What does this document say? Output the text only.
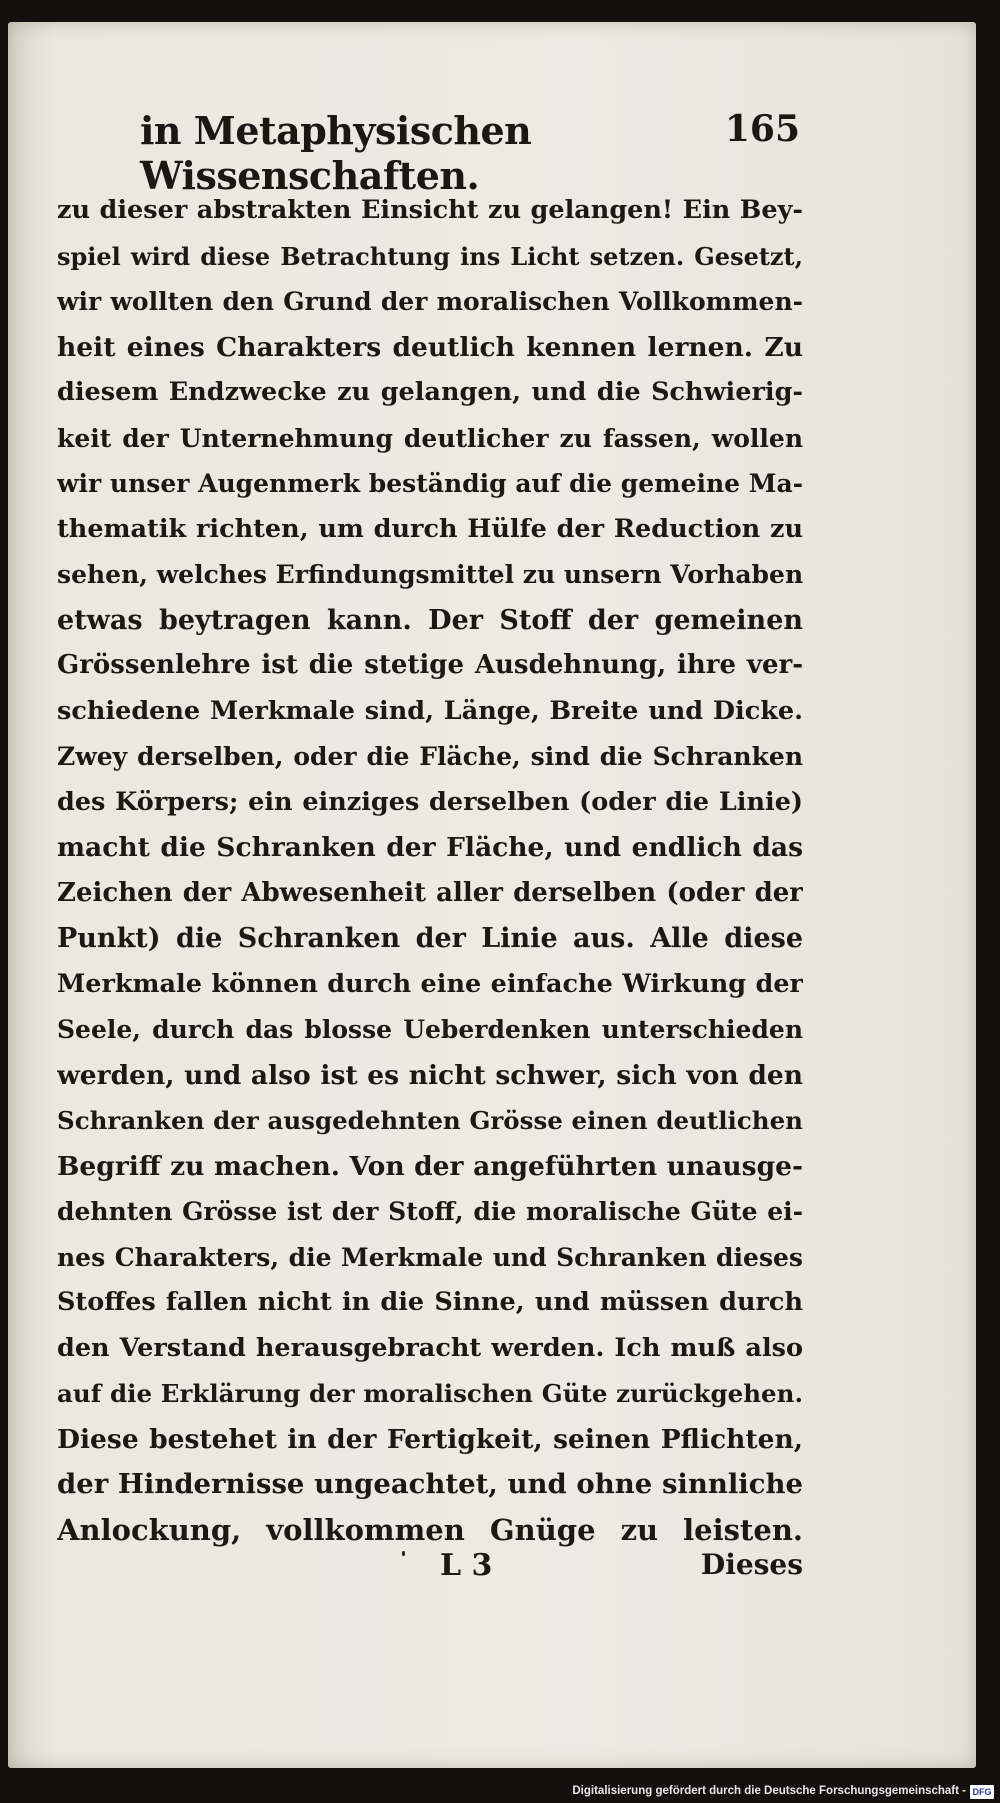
in Metaphysischen Wissenschaften.
165
zu dieser abstrakten Einsicht zu gelangen! Ein Bey-
spiel wird diese Betrachtung ins Licht setzen. Gesetzt,
wir wollten den Grund der moralischen Vollkommen-
heit eines Charakters deutlich kennen lernen. Zu
diesem Endzwecke zu gelangen, und die Schwierig-
keit der Unternehmung deutlicher zu fassen, wollen
wir unser Augenmerk beständig auf die gemeine Ma-
thematik richten, um durch Hülfe der Reduction zu
sehen, welches Erfindungsmittel zu unsern Vorhaben
etwas beytragen kann. Der Stoff der gemeinen
Grössenlehre ist die stetige Ausdehnung, ihre ver-
schiedene Merkmale sind, Länge, Breite und Dicke.
Zwey derselben, oder die Fläche, sind die Schranken
des Körpers; ein einziges derselben (oder die Linie)
macht die Schranken der Fläche, und endlich das
Zeichen der Abwesenheit aller derselben (oder der
Punkt) die Schranken der Linie aus. Alle diese
Merkmale können durch eine einfache Wirkung der
Seele, durch das blosse Ueberdenken unterschieden
werden, und also ist es nicht schwer, sich von den
Schranken der ausgedehnten Grösse einen deutlichen
Begriff zu machen. Von der angeführten unausge-
dehnten Grösse ist der Stoff, die moralische Güte ei-
nes Charakters, die Merkmale und Schranken dieses
Stoffes fallen nicht in die Sinne, und müssen durch
den Verstand herausgebracht werden. Ich muß also
auf die Erklärung der moralischen Güte zurückgehen.
Diese bestehet in der Fertigkeit, seinen Pflichten,
der Hindernisse ungeachtet, und ohne sinnliche
Anlockung, vollkommen Gnüge zu leisten.
L 3	Dieses
Digitalisierung gefördert durch die Deutsche Forschungsgemeinschaft - DFG
